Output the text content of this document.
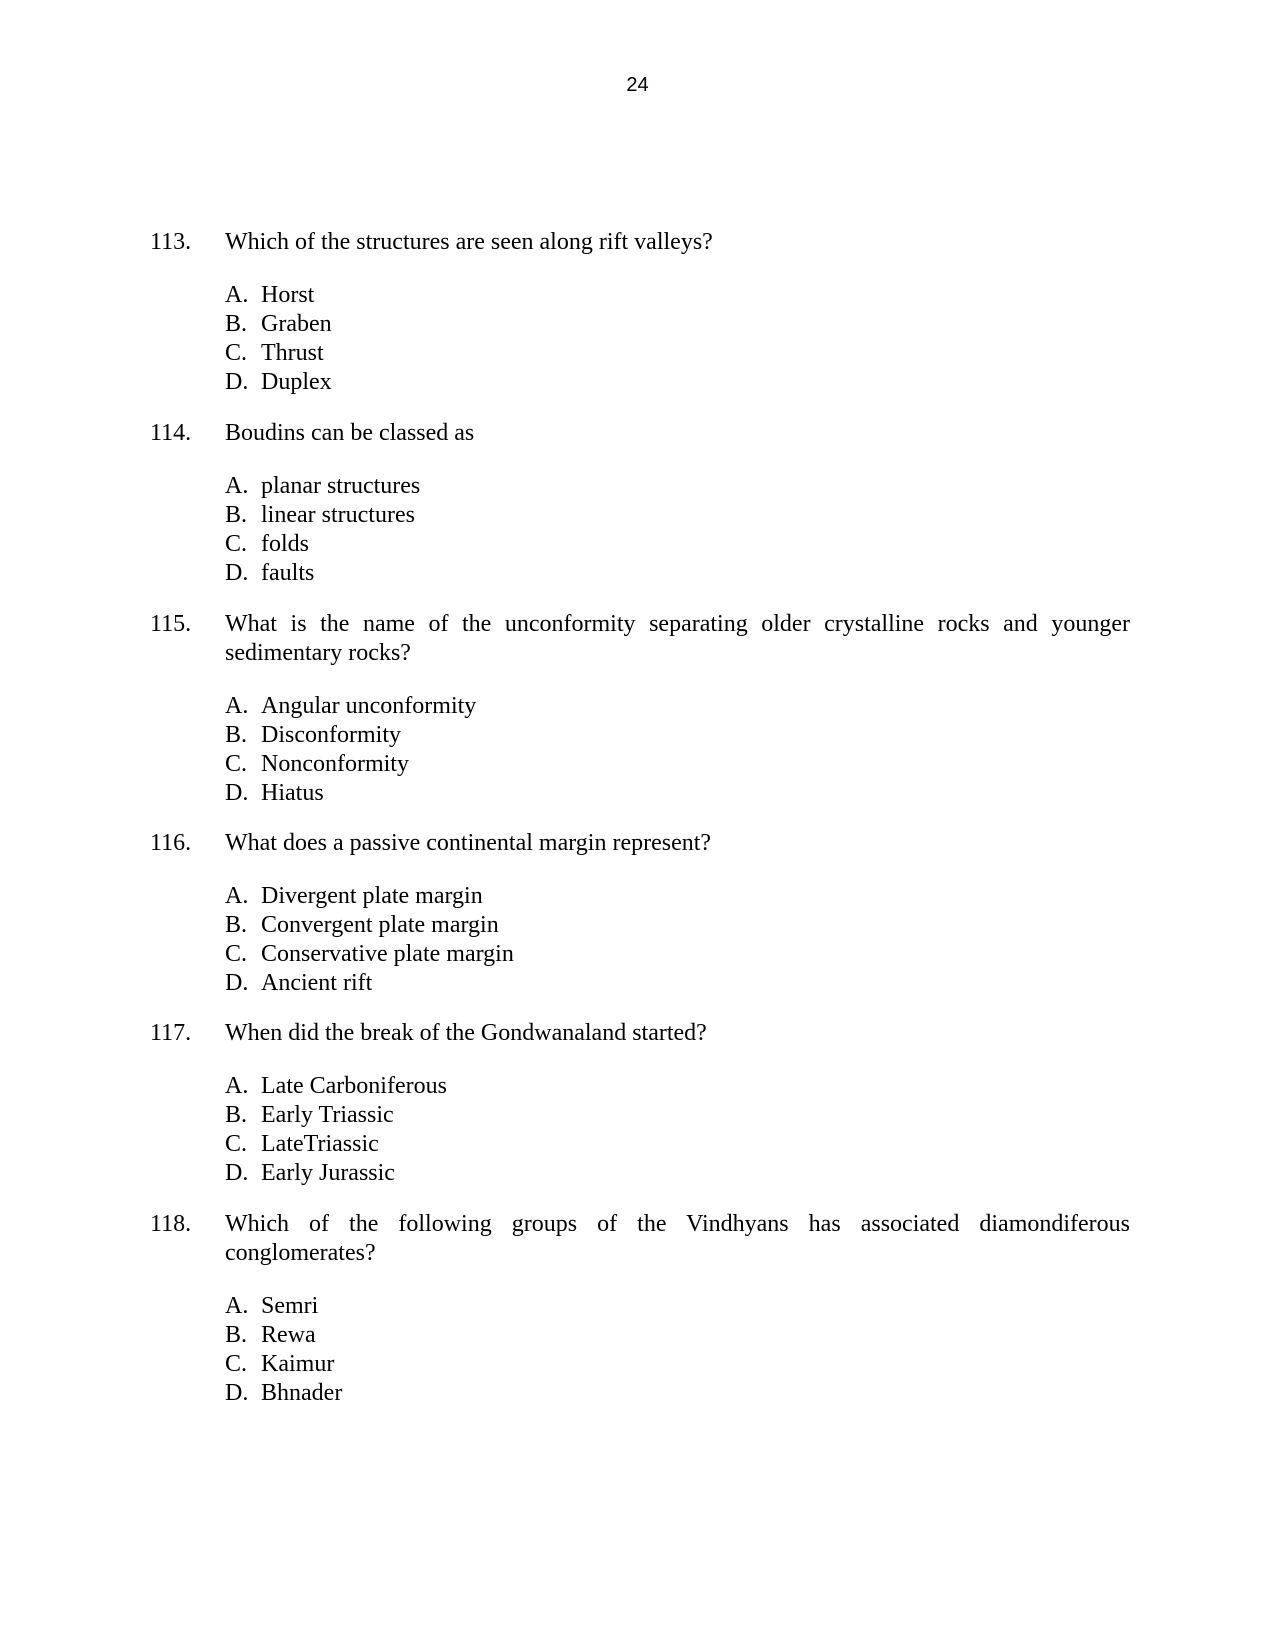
24
113.	Which of the structures are seen along rift valleys?
A. Horst
B. Graben
C. Thrust
D. Duplex
114.	Boudins can be classed as
A. planar structures
B. linear structures
C. folds
D. faults
115.	What is the name of the unconformity separating older crystalline rocks and younger sedimentary rocks?
A. Angular unconformity
B. Disconformity
C. Nonconformity
D. Hiatus
116.	What does a passive continental margin represent?
A. Divergent plate margin
B. Convergent plate margin
C. Conservative plate margin
D. Ancient rift
117.	When did the break of the Gondwanaland started?
A. Late Carboniferous
B. Early Triassic
C. LateTriassic
D. Early Jurassic
118.	Which of the following groups of the Vindhyans has associated diamondiferous conglomerates?
A. Semri
B. Rewa
C. Kaimur
D. Bhnader
